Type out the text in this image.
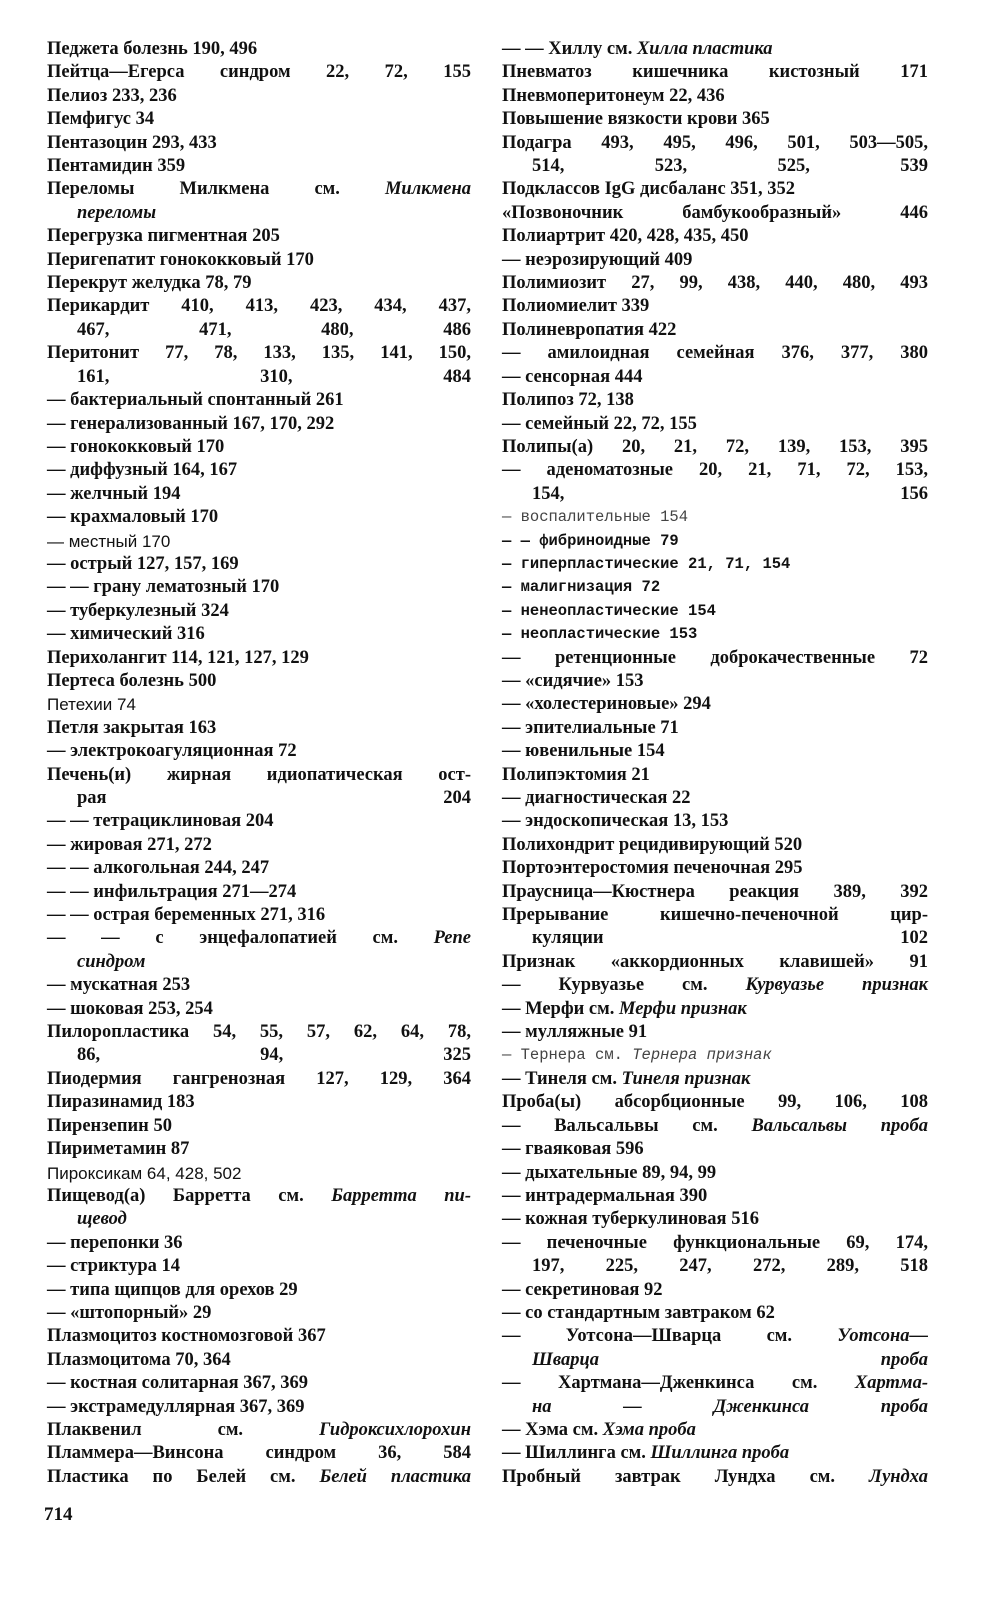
Педжета болезнь 190, 496
Пейтца—Егерса синдром 22, 72, 155
Пелиоз 233, 236
Пемфигус 34
Пентазоцин 293, 433
Пентамидин 359
Переломы Милкмена см. Милкмена
переломы
Перегрузка пигментная 205
Перигепатит гонококковый 170
Перекрут желудка 78, 79
Перикардит 410, 413, 423, 434, 437,
467, 471, 480, 486
Перитонит 77, 78, 133, 135, 141, 150,
161, 310, 484
— бактериальный спонтанный 261
— генерализованный 167, 170, 292
— гонококковый 170
— диффузный 164, 167
— желчный 194
— крахмаловый 170
— местный 170
— острый 127, 157, 169
— — грану лематозный 170
— туберкулезный 324
— химический 316
Перихолангит 114, 121, 127, 129
Пертеса болезнь 500
Петехии 74
Петля закрытая 163
— электрокоагуляционная 72
Печень(и) жирная идиопатическая ост-
рая 204
— — тетрациклиновая 204
— жировая 271, 272
— — алкогольная 244, 247
— — инфильтрация 271—274
— — острая беременных 271, 316
— — с энцефалопатией см. Репе
синдром
— мускатная 253
— шоковая 253, 254
Пилоропластика 54, 55, 57, 62, 64, 78,
86, 94, 325
Пиодермия гангренозная 127, 129, 364
Пиразинамид 183
Пирензепин 50
Пириметамин 87
Пироксикам 64, 428, 502
Пищевод(а) Барретта см. Барретта пи-
щевод
— перепонки 36
— стриктура 14
— типа щипцов для орехов 29
— «штопорный» 29
Плазмоцитоз костномозговой 367
Плазмоцитома 70, 364
— костная солитарная 367, 369
— экстрамедуллярная 367, 369
Плаквенил см. Гидроксихлорохин
Пламмера—Винсона синдром 36, 584
Пластика по Белей см. Белей пластика
— — Хиллу см. Хилла пластика
Пневматоз кишечника кистозный 171
Пневмоперитонеум 22, 436
Повышение вязкости крови 365
Подагра 493, 495, 496, 501, 503—505,
514, 523, 525, 539
Подклассов IgG дисбаланс 351, 352
«Позвоночник бамбукообразный» 446
Полиартрит 420, 428, 435, 450
— неэрозирующий 409
Полимиозит 27, 99, 438, 440, 480, 493
Полиомиелит 339
Полиневропатия 422
— амилоидная семейная 376, 377, 380
— сенсорная 444
Полипоз 72, 138
— семейный 22, 72, 155
Полипы(а) 20, 21, 72, 139, 153, 395
— аденоматозные 20, 21, 71, 72, 153,
154, 156
— воспалительные 154
— — фибриноидные 79
— гиперпластические 21, 71, 154
— малигнизация 72
— ненеопластические 154
— неопластические 153
— ретенционные доброкачественные 72
— «сидячие» 153
— «холестериновые» 294
— эпителиальные 71
— ювенильные 154
Полипэктомия 21
— диагностическая 22
— эндоскопическая 13, 153
Полихондрит рецидивирующий 520
Портоэнтеростомия печеночная 295
Праусница—Кюстнера реакция 389, 392
Прерывание кишечно-печеночной цир-
куляции 102
Признак «аккордионных клавишей» 91
— Курвуазье см. Курвуазье признак
— Мерфи см. Мерфи признак
— мулляжные 91
— Тернера см. Тернера признак
— Тинеля см. Тинеля признак
Проба(ы) абсорбционные 99, 106, 108
— Вальсальвы см. Вальсальвы проба
— гваяковая 596
— дыхательные 89, 94, 99
— интрадермальная 390
— кожная туберкулиновая 516
— печеночные функциональные 69, 174,
197, 225, 247, 272, 289, 518
— секретиновая 92
— со стандартным завтраком 62
— Уотсона—Шварца см. Уотсона—
Шварца проба
— Хартмана—Дженкинса см. Хартма-
на — Дженкинса проба
— Хэма см. Хэма проба
— Шиллинга см. Шиллинга проба
Пробный завтрак Лундха см. Лундха
714
